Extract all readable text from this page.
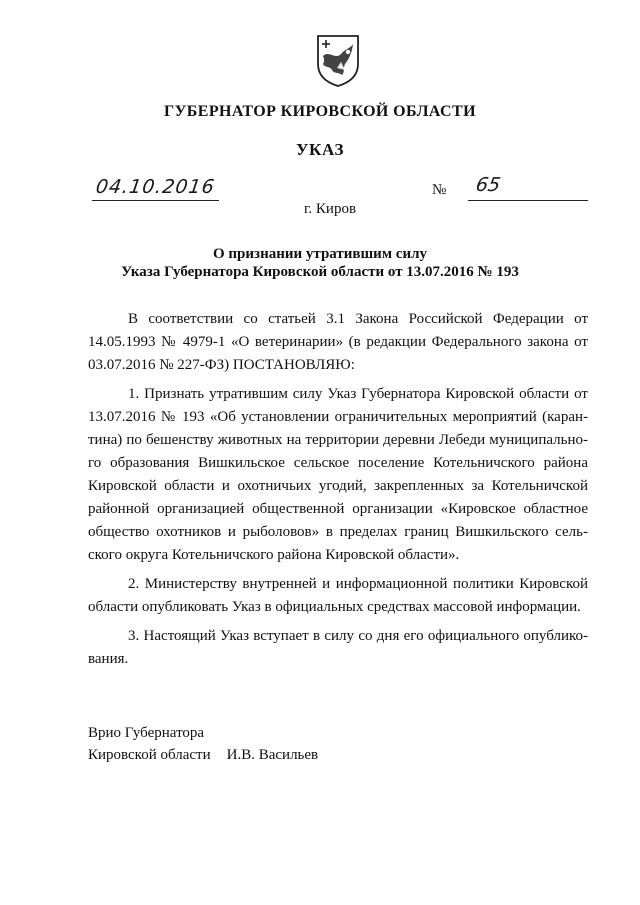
ГУБЕРНАТОР КИРОВСКОЙ ОБЛАСТИ
УКАЗ
04.10.2016	№ 65
г. Киров
О признании утратившим силу
Указа Губернатора Кировской области от 13.07.2016 № 193
В соответствии со статьей 3.1 Закона Российской Федерации от
14.05.1993 № 4979-1 «О ветеринарии» (в редакции Федерального закона от
03.07.2016 № 227-ФЗ) ПОСТАНОВЛЯЮ:
1. Признать утратившим силу Указ Губернатора Кировской области от
13.07.2016 № 193 «Об установлении ограничительных мероприятий (каран-
тина) по бешенству животных на территории деревни Лебеди муниципально-
го образования Вишкильское сельское поселение Котельничского района
Кировской области и охотничьих угодий, закрепленных за Котельничской
районной организацией общественной организации «Кировское областное
общество охотников и рыболовов» в пределах границ Вишкильского сель-
ского округа Котельничского района Кировской области».
2. Министерству внутренней и информационной политики Кировской
области опубликовать Указ в официальных средствах массовой информации.
3. Настоящий Указ вступает в силу со дня его официального опублико-
вания.
Врио Губернатора
Кировской области И.В. Васильев
